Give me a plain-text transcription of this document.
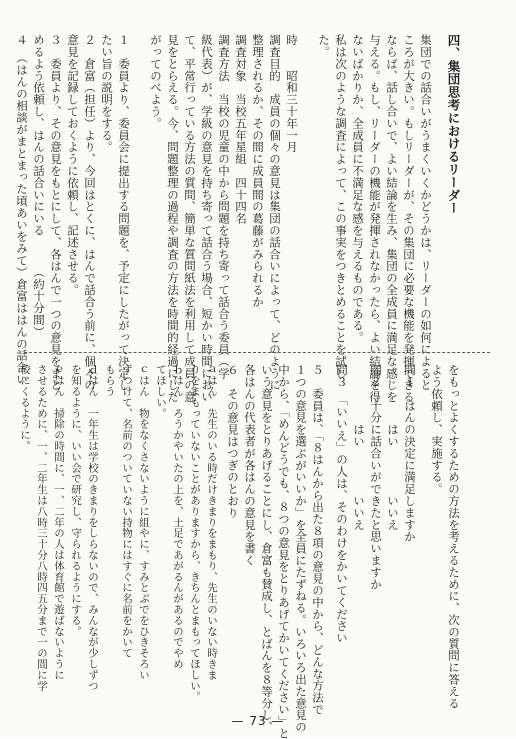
四、集団思考におけるリーダー
集団での話合いがうまくいくかどうかは、リーダーの如何によると
ころが大きい。もしリーダーが、その集団に必要な機能を発揮できる
ならば、話し合いで、よい結論を生み、集団の全成員に満足な感じを
与える。もし、リーダーの機能が発揮されなかったら、よい結論を得
ないばかりか、全成員に不満足な感を与えるものである。
私は次のような調査によって、この事実をつきとめることを試し
た。
時　　昭和三十年一月
調査目的　成員の個々の意見は集団の話合いによって、どのように
整理されるか、その間に成員間の葛藤がみられるか
調査対象　当校五年星組　四十四名
調査方法　当校の児童の中から問題を持ち寄って話合う委員（学
級代表）が、学級の意見を持ち寄って話合う場合、短かい時間におい
て、平常行っている方法の質問、簡単な質問紙法を利用して成員の意
見をとらえる。今、問題整理の過程や調査の方法を時間的経過にした
がってのべよう。
１　委員より、委員会に提出する問題を、予定にしたがって決定し
たい旨の説明をする。
２　倉富（担任）より、今回はとくに、はんで話合う前に、個々の
意見を記録しておくように依頼し、記述させる。
３　委員より、その意見をもとにして、各はんで一つの意見をまと
めるよう依頼し、はんの話合いにいる　　　（約十分間）
４　（はんの相談がまとまった頃あいをみて）倉富ははんの話合い
をもっとよくするための方法を考えるために、次の質問に答える
よう依頼し、実施する。
問１　はんの決定に満足しますか
　　　　　はい　　　　いいえ
問２　十分に話合いができたと思いますか
　　　　　はい　　　　いいえ
問３　「いいえ」の人は、そのわけをかいてください
５　委員は、「８はんから出た８項の意見の中から、どんな方法で
１つの意見を選ぶがいいか」を全員にたずねる。いろいろ出た意見の
中から、「めんどうでも、８つの意見をとりあげてかいてください」と
いう意見をとりあげることにし、倉富も賛成し、とばんを８等分し、
各はんの代表者が各はんの意見を書く
６　その意見はつぎのとおり
ａはん　先生のいる時だけきまりをまもり、先生のいない時きま
りをまもっていないことがありますから、きちんとまもってほしい。
ｂはん　ろうかやいたの上を、土足であがるんがあるのでやめ
てほしい。
ｃはん　物をなくさないように組やに、すみとぶでをひきそろい
ずつけて、名前のついていない持物にはすぐに名前をかいて
もらう
ｄはん　一年生は学校のきまりをしらないので、みんなが少しずつ
を知るように、いい会で研究し、守られるようにする。
ｅはん　掃除の時間に、一、二年の人は体育館で遊ばないように
させるために、一、二年生は八時三十分八時四五分まで一の間に学
校にくるように。
— 73 —
